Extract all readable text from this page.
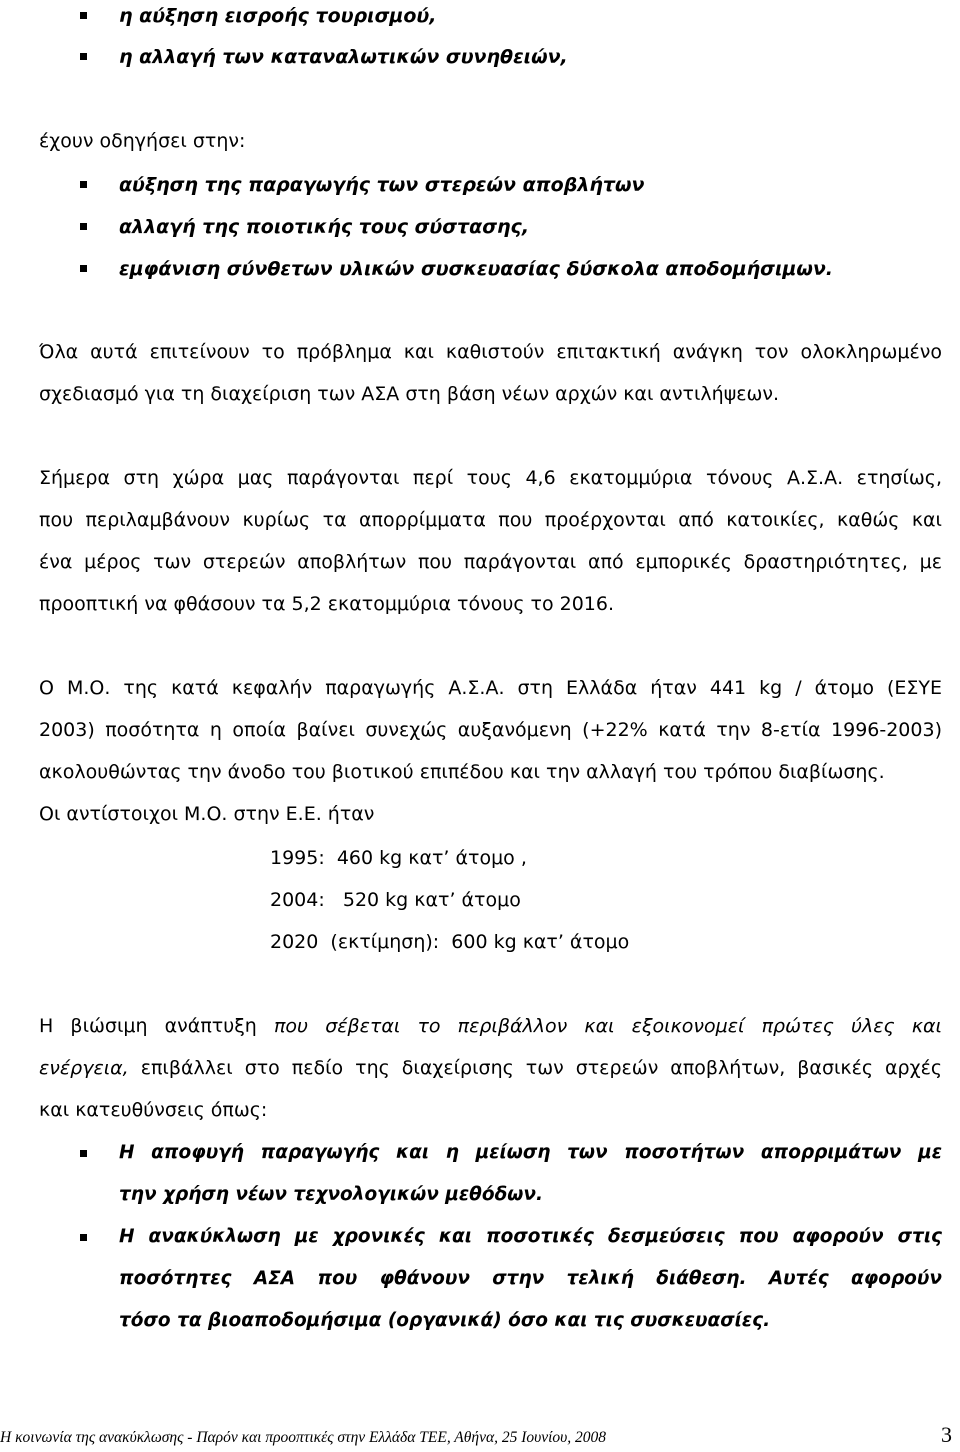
η αύξηση εισροής τουρισμού,
η αλλαγή των καταναλωτικών συνηθειών,
έχουν οδηγήσει στην:
αύξηση της παραγωγής των στερεών αποβλήτων
αλλαγή της ποιοτικής τους σύστασης,
εμφάνιση σύνθετων υλικών συσκευασίας δύσκολα αποδομήσιμων.
Όλα αυτά επιτείνουν το πρόβλημα και καθιστούν επιτακτική ανάγκη τον ολοκληρωμένο
σχεδιασμό για τη διαχείριση των ΑΣΑ στη βάση νέων αρχών και αντιλήψεων.
Σήμερα στη χώρα μας παράγονται περί τους 4,6 εκατομμύρια τόνους Α.Σ.Α. ετησίως,
που περιλαμβάνουν κυρίως τα απορρίμματα που προέρχονται από κατοικίες, καθώς και
ένα μέρος των στερεών αποβλήτων που παράγονται από εμπορικές δραστηριότητες, με
προοπτική να φθάσουν τα 5,2 εκατομμύρια τόνους το 2016.
Ο Μ.Ο. της κατά κεφαλήν παραγωγής Α.Σ.Α. στη Ελλάδα ήταν 441 kg / άτομο (ΕΣΥΕ
2003) ποσότητα η οποία βαίνει συνεχώς αυξανόμενη (+22% κατά την 8-ετία 1996-2003)
ακολουθώντας την άνοδο του βιοτικού επιπέδου και την αλλαγή του τρόπου διαβίωσης.
Οι αντίστοιχοι Μ.Ο. στην Ε.Ε. ήταν
1995:  460 kg κατ’ άτομο ,
2004:   520 kg κατ’ άτομο
2020  (εκτίμηση):  600 kg κατ’ άτομο
Η βιώσιμη ανάπτυξη που σέβεται το περιβάλλον και εξοικονομεί πρώτες ύλες και
ενέργεια, επιβάλλει στο πεδίο της διαχείρισης των στερεών αποβλήτων, βασικές αρχές
και κατευθύνσεις όπως:
Η αποφυγή παραγωγής και η μείωση των ποσοτήτων απορριμάτων με
την χρήση νέων τεχνολογικών μεθόδων.
Η ανακύκλωση με χρονικές και ποσοτικές δεσμεύσεις που αφορούν στις
ποσότητες ΑΣΑ που φθάνουν στην τελική διάθεση. Αυτές αφορούν
τόσο τα βιοαποδομήσιμα (οργανικά) όσο και τις συσκευασίες.
Η κοινωνία της ανακύκλωσης - Παρόν και προοπτικές στην Ελλάδα ΤΕΕ, Αθήνα, 25 Ιουνίου, 2008	3
